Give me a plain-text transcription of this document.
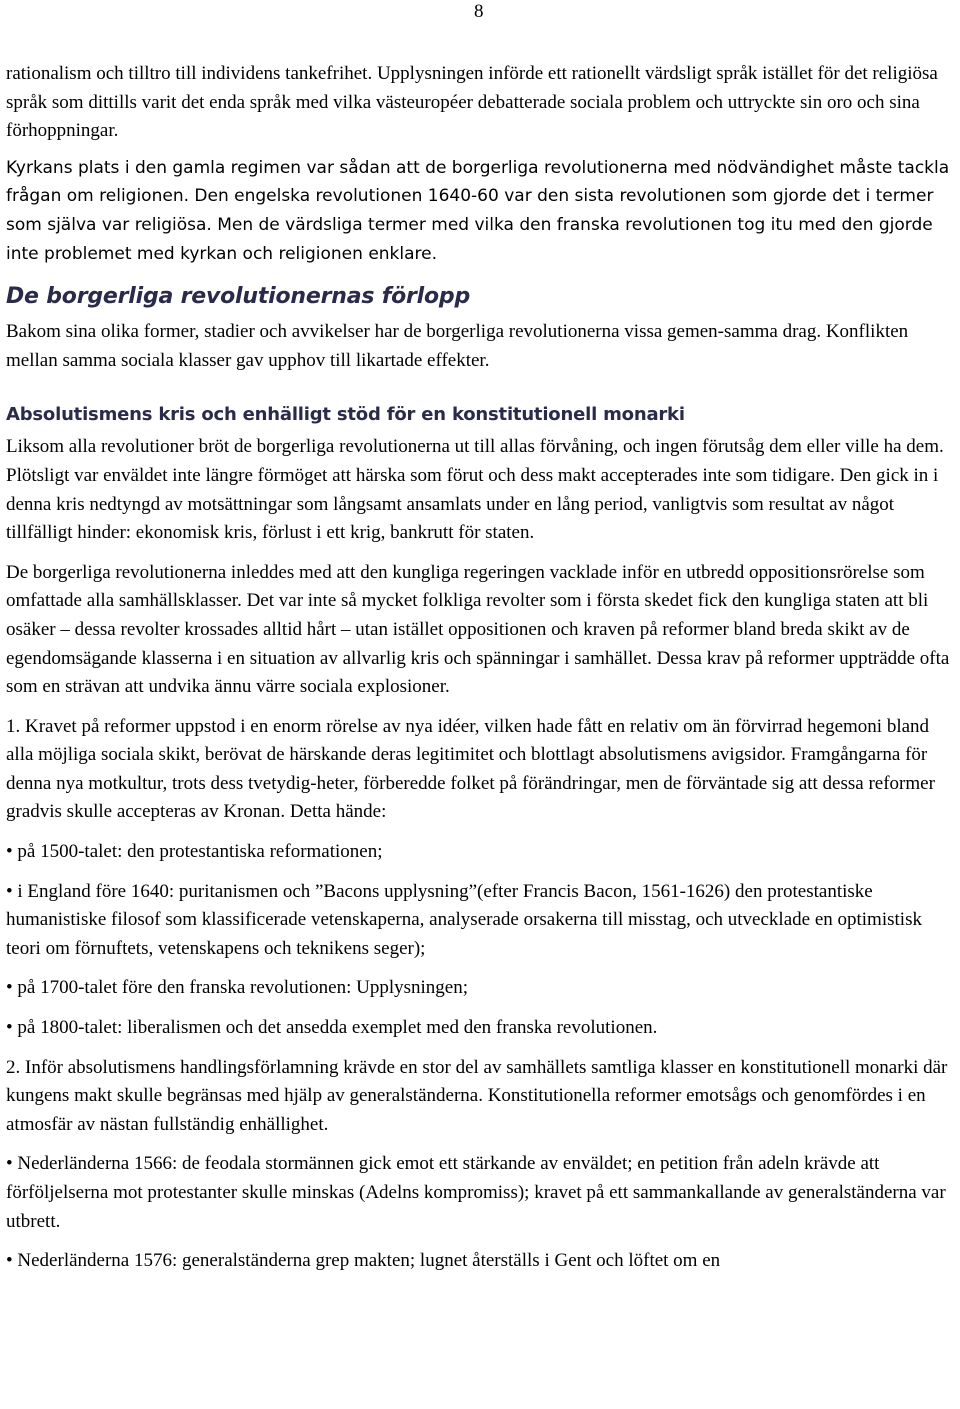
8

rationalism och tilltro till individens tankefrihet. Upplysningen införde ett rationellt värdsligt språk istället för det religiösa språk som dittills varit det enda språk med vilka västeuropéer debatterade sociala problem och uttryckte sin oro och sina förhoppningar.

Kyrkans plats i den gamla regimen var sådan att de borgerliga revolutionerna med nödvändighet måste tackla frågan om religionen. Den engelska revolutionen 1640-60 var den sista revolutionen som gjorde det i termer som själva var religiösa. Men de värdsliga termer med vilka den franska revolutionen tog itu med den gjorde inte problemet med kyrkan och religionen enklare.

De borgerliga revolutionernas förlopp

Bakom sina olika former, stadier och avvikelser har de borgerliga revolutionerna vissa gemen-samma drag. Konflikten mellan samma sociala klasser gav upphov till likartade effekter.

Absolutismens kris och enhälligt stöd för en konstitutionell monarki

Liksom alla revolutioner bröt de borgerliga revolutionerna ut till allas förvåning, och ingen förutsåg dem eller ville ha dem. Plötsligt var enväldet inte längre förmöget att härska som förut och dess makt accepterades inte som tidigare. Den gick in i denna kris nedtyngd av motsättningar som långsamt ansamlats under en lång period, vanligtvis som resultat av något tillfälligt hinder: ekonomisk kris, förlust i ett krig, bankrutt för staten.

De borgerliga revolutionerna inleddes med att den kungliga regeringen vacklade inför en utbredd oppositionsrörelse som omfattade alla samhällsklasser. Det var inte så mycket folkliga revolter som i första skedet fick den kungliga staten att bli osäker – dessa revolter krossades alltid hårt – utan istället oppositionen och kraven på reformer bland breda skikt av de egendomsägande klasserna i en situation av allvarlig kris och spänningar i samhället. Dessa krav på reformer uppträdde ofta som en strävan att undvika ännu värre sociala explosioner.

1. Kravet på reformer uppstod i en enorm rörelse av nya idéer, vilken hade fått en relativ om än förvirrad hegemoni bland alla möjliga sociala skikt, berövat de härskande deras legitimitet och blottlagt absolutismens avigsidor. Framgångarna för denna nya motkultur, trots dess tvetydig-heter, förberedde folket på förändringar, men de förväntade sig att dessa reformer gradvis skulle accepteras av Kronan. Detta hände:

• på 1500-talet: den protestantiska reformationen;

• i England före 1640: puritanismen och ”Bacons upplysning”(efter Francis Bacon, 1561-1626) den protestantiske humanistiske filosof som klassificerade vetenskaperna, analyserade orsakerna till misstag, och utvecklade en optimistisk teori om förnuftets, vetenskapens och teknikens seger);

• på 1700-talet före den franska revolutionen: Upplysningen;

• på 1800-talet: liberalismen och det ansedda exemplet med den franska revolutionen.

2. Inför absolutismens handlingsförlamning krävde en stor del av samhällets samtliga klasser en konstitutionell monarki där kungens makt skulle begränsas med hjälp av generalständerna. Konstitutionella reformer emotsågs och genomfördes i en atmosfär av nästan fullständig enhällighet.

• Nederländerna 1566: de feodala stormännen gick emot ett stärkande av enväldet; en petition från adeln krävde att förföljelserna mot protestanter skulle minskas (Adelns kompromiss); kravet på ett sammankallande av generalständerna var utbrett.

• Nederländerna 1576: generalständerna grep makten; lugnet återställs i Gent och löftet om en
